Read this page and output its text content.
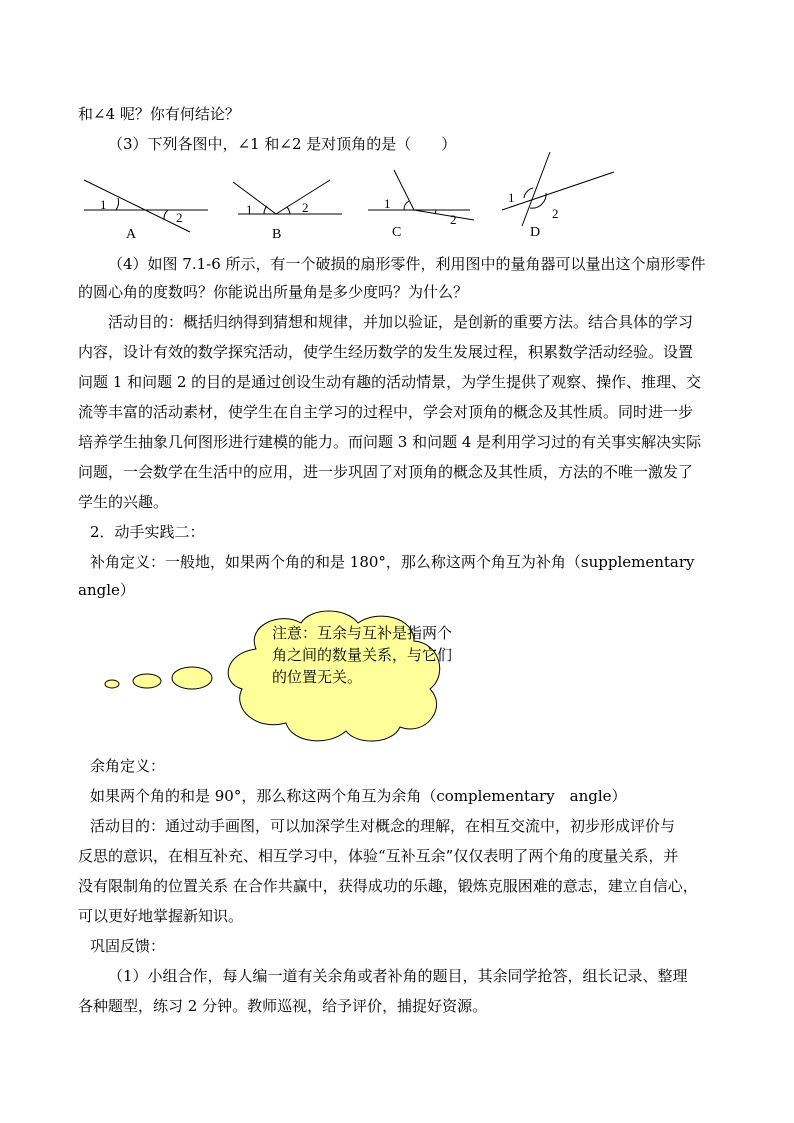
和∠4 呢？你有何结论？
（3）下列各图中，∠1 和∠2 是对顶角的是（　　）
（4）如图 7.1-6 所示，有一个破损的扇形零件，利用图中的量角器可以量出这个扇形零件
的圆心角的度数吗？你能说出所量角是多少度吗？为什么？
活动目的：概括归纳得到猜想和规律，并加以验证，是创新的重要方法。结合具体的学习
内容，设计有效的数学探究活动，使学生经历数学的发生发展过程，积累数学活动经验。设置
问题 1 和问题 2 的目的是通过创设生动有趣的活动情景，为学生提供了观察、操作、推理、交
流等丰富的活动素材，使学生在自主学习的过程中，学会对顶角的概念及其性质。同时进一步
培养学生抽象几何图形进行建模的能力。而问题 3 和问题 4 是利用学习过的有关事实解决实际
问题，一会数学在生活中的应用，进一步巩固了对顶角的概念及其性质，方法的不唯一激发了
学生的兴趣。
2．动手实践二：
补角定义：一般地，如果两个角的和是 180°，那么称这两个角互为补角（supplementary
angle）
余角定义：
如果两个角的和是 90°，那么称这两个角互为余角（complementary　angle）
活动目的：通过动手画图，可以加深学生对概念的理解，在相互交流中，初步形成评价与
反思的意识，在相互补充、相互学习中，体验“互补互余”仅仅表明了两个角的度量关系，并
没有限制角的位置关系 在合作共赢中，获得成功的乐趣，锻炼克服困难的意志，建立自信心，
可以更好地掌握新知识。
巩固反馈：
（1）小组合作，每人编一道有关余角或者补角的题目，其余同学抢答，组长记录、整理
各种题型，练习 2 分钟。教师巡视，给予评价，捕捉好资源。
1
2
A
1	2
B
1
2
C
1
2
D
注意：互余与互补是指两个角之间的数量关系，与它们的位置无关。
